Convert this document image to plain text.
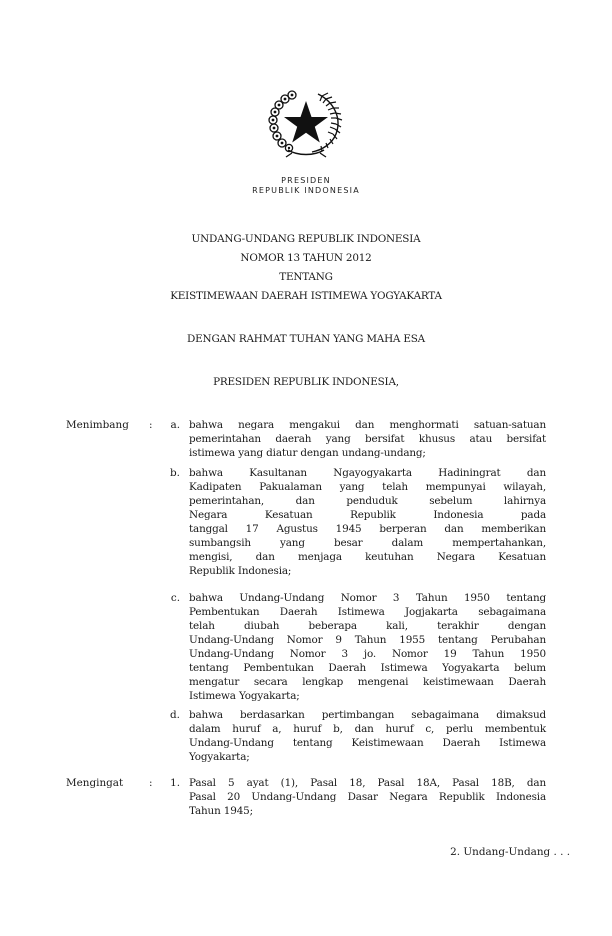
PRESIDEN
REPUBLIK INDONESIA
UNDANG-UNDANG REPUBLIK INDONESIA
NOMOR 13 TAHUN 2012
TENTANG
KEISTIMEWAAN DAERAH ISTIMEWA YOGYAKARTA
DENGAN RAHMAT TUHAN YANG MAHA ESA
PRESIDEN REPUBLIK INDONESIA,
Menimbang :	a. bahwa negara mengakui dan menghormati satuan-satuan
pemerintahan daerah yang bersifat khusus atau bersifat
istimewa yang diatur dengan undang-undang;
b. bahwa Kasultanan Ngayogyakarta Hadiningrat dan
Kadipaten Pakualaman yang telah mempunyai wilayah,
pemerintahan, dan penduduk sebelum lahirnya
Negara Kesatuan Republik Indonesia pada
tanggal 17 Agustus 1945 berperan dan memberikan
sumbangsih yang besar dalam mempertahankan,
mengisi, dan menjaga keutuhan Negara Kesatuan
Republik Indonesia;
c. bahwa Undang-Undang Nomor 3 Tahun 1950 tentang
Pembentukan Daerah Istimewa Jogjakarta sebagaimana
telah diubah beberapa kali, terakhir dengan
Undang-Undang Nomor 9 Tahun 1955 tentang Perubahan
Undang-Undang Nomor 3 jo. Nomor 19 Tahun 1950
tentang Pembentukan Daerah Istimewa Yogyakarta belum
mengatur secara lengkap mengenai keistimewaan Daerah
Istimewa Yogyakarta;
d. bahwa berdasarkan pertimbangan sebagaimana dimaksud
dalam huruf a, huruf b, dan huruf c, perlu membentuk
Undang-Undang tentang Keistimewaan Daerah Istimewa
Yogyakarta;
Mengingat :	1. Pasal 5 ayat (1), Pasal 18, Pasal 18A, Pasal 18B, dan
Pasal 20 Undang-Undang Dasar Negara Republik Indonesia
Tahun 1945;
2. Undang-Undang . . .
